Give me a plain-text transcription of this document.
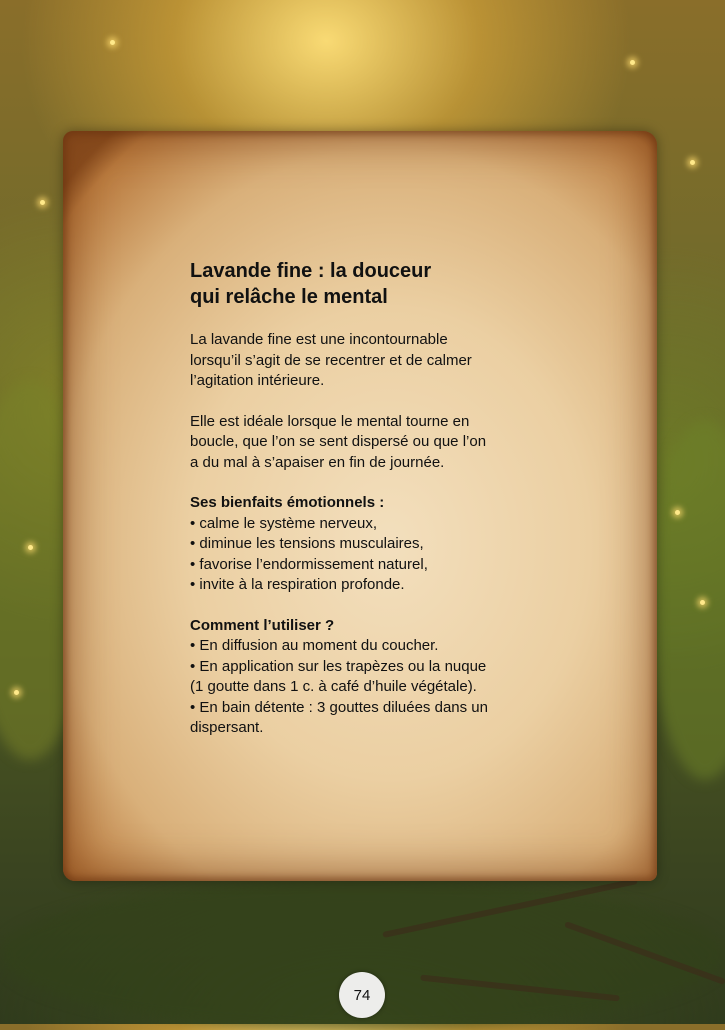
Lavande fine : la douceur
qui relâche le mental

La lavande fine est une incontournable
lorsqu’il s’agit de se recentrer et de calmer
l’agitation intérieure.

Elle est idéale lorsque le mental tourne en
boucle, que l’on se sent dispersé ou que l’on
a du mal à s’apaiser en fin de journée.

Ses bienfaits émotionnels :
• calme le système nerveux,
• diminue les tensions musculaires,
• favorise l’endormissement naturel,
• invite à la respiration profonde.
Comment l’utiliser ?
• En diffusion au moment du coucher.
• En application sur les trapèzes ou la nuque
(1 goutte dans 1 c. à café d’huile végétale).
• En bain détente : 3 gouttes diluées dans un
dispersant.
74
